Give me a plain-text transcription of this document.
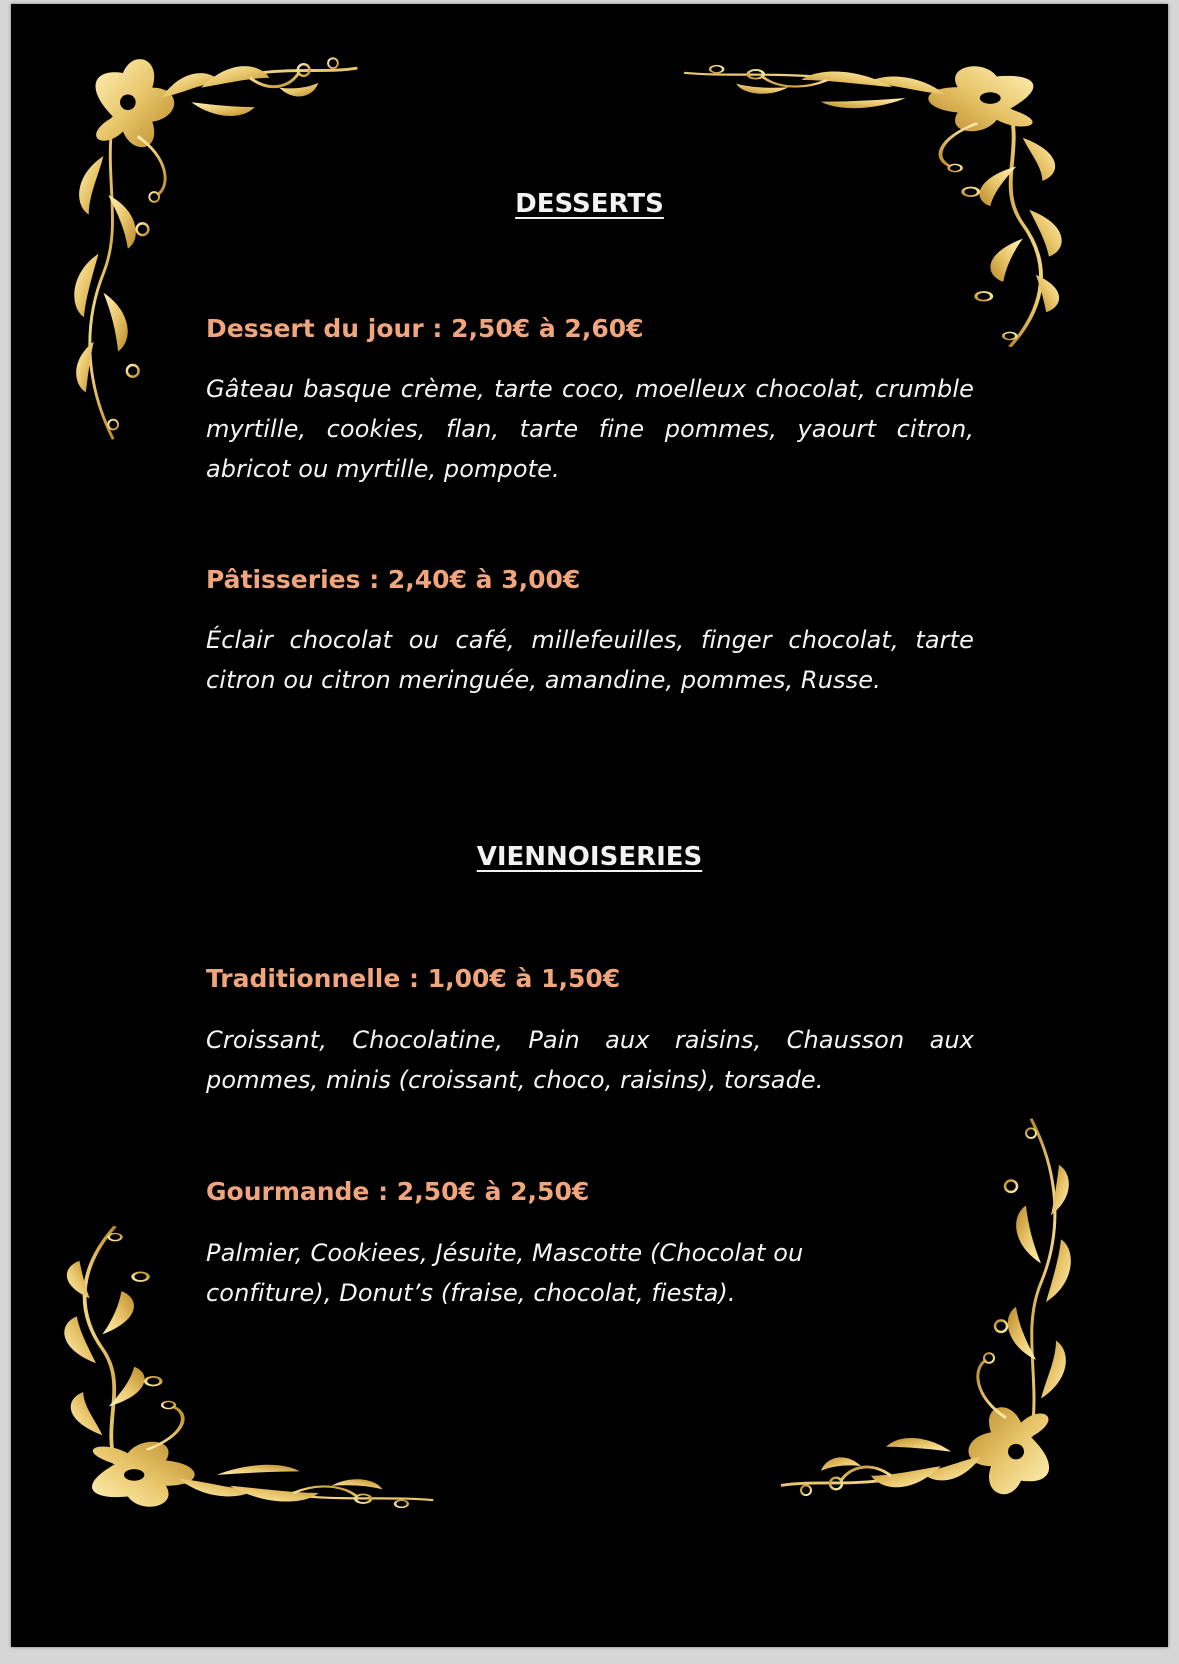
DESSERTS
Dessert du jour : 2,50€ à 2,60€

Gâteau basque crème, tarte coco, moelleux chocolat, crumble myrtille, cookies, flan, tarte fine pommes, yaourt citron, abricot ou myrtille, pompote.

Pâtisseries : 2,40€ à 3,00€

Éclair chocolat ou café, millefeuilles, finger chocolat, tarte citron ou citron meringuée, amandine, pommes, Russe.

VIENNOISERIES
Traditionnelle : 1,00€ à 1,50€

Croissant, Chocolatine, Pain aux raisins, Chausson aux pommes, minis (croissant, choco, raisins), torsade.

Gourmande : 2,50€ à 2,50€

Palmier, Cookiees, Jésuite, Mascotte (Chocolat ou confiture), Donut’s (fraise, chocolat, fiesta).
